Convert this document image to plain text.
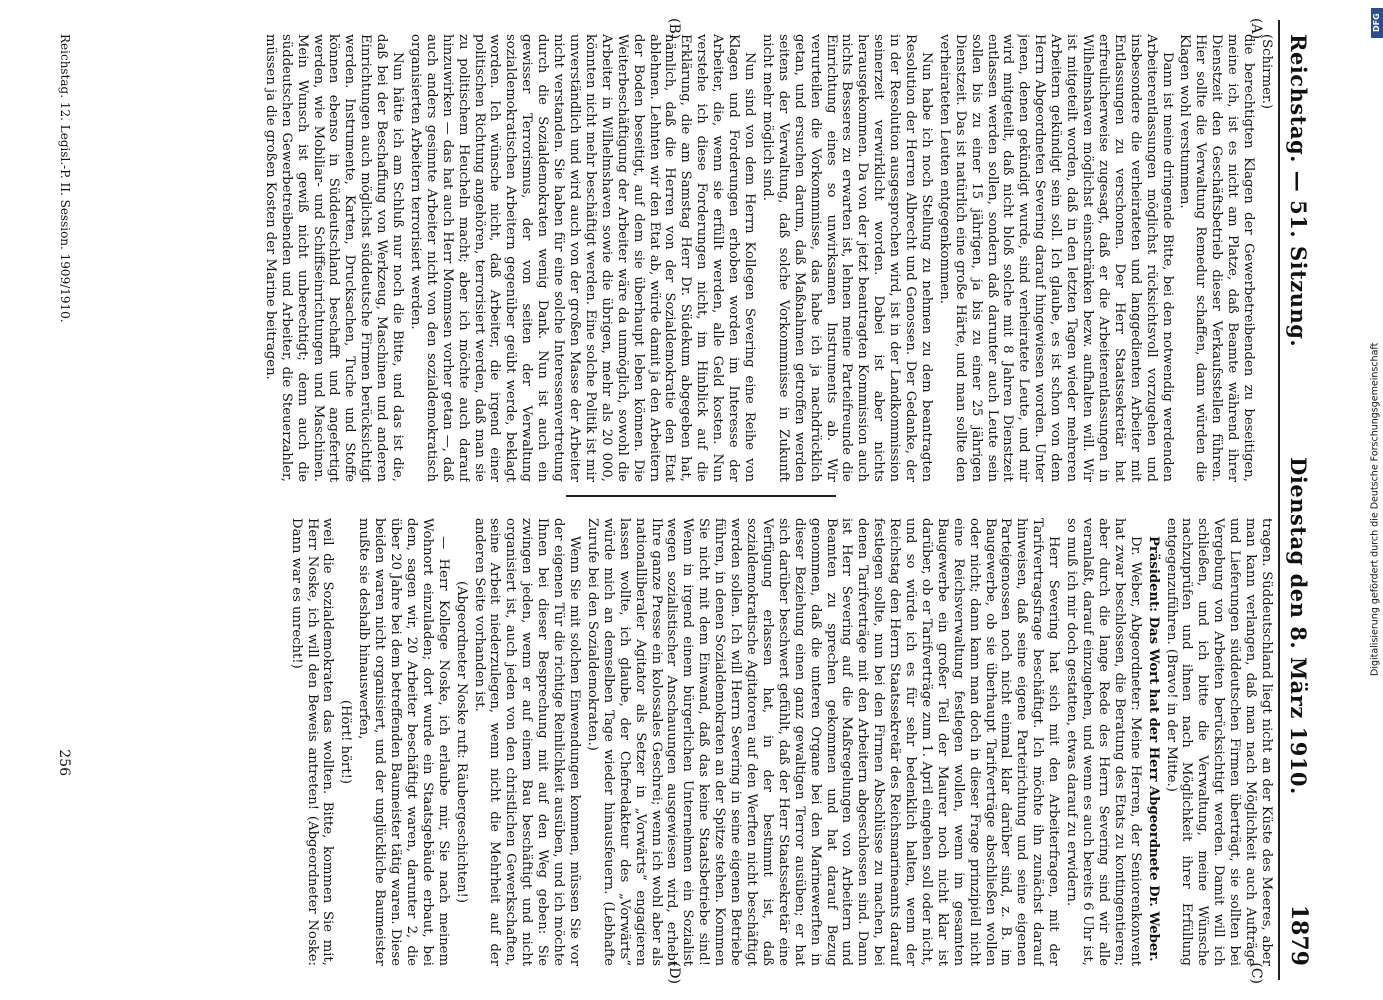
Reichstag. — 51. Sitzung.
Dienstag den 8. März 1910.
1879
(A)
(B)
(C)
(D)

(Schirmer.)

die berechtigten Klagen der Gewerbetreibenden zu beseitigen, meine ich, ist es nicht am Platze, daß Beamte während ihrer Dienstzeit den Geschäftsbetrieb dieser Verkaufsstellen führen. Hier sollte die Verwaltung Remedur schaffen, dann würden die Klagen wohl verstummen.

Dann ist meine dringende Bitte, bei den notwendig werdenden Arbeiterentlassungen möglichst rücksichtsvoll vorzugehen und insbesondere die verheirateten und langgedienten Arbeiter mit Entlassungen zu verschonen. Der Herr Staatssekretär hat erfreulicherweise zugesagt, daß er die Arbeiterentlassungen in Wilhelmshaven möglichst einschränken bezw. aufhalten will. Wir ist mitgeteilt worden, daß in den letzten Tagen wieder mehreren Arbeitern gekündigt sein soll. Ich glaube, es ist schon von dem Herrn Abgeordneten Severing darauf hingewiesen worden. Unter jenen, denen gekündigt wurde, sind verheiratete Leute, und mir wird mitgeteilt, daß nicht bloß solche mit 8 Jahren Dienstzeit entlassen werden sollen, sondern daß darunter auch Leute sein sollen bis zu einer 15 jährigen, ja bis zu einer 25 jährigen Dienstzeit. Das ist natürlich eine große Härte, und man sollte den verheirateten Leuten entgegenkommen.

Nun habe ich noch Stellung zu nehmen zu dem beantragten Resolution der Herren Albrecht und Genossen. Der Gedanke, der in der Resolution ausgesprochen wird, ist in der Landkommission seinerzeit verwirklicht worden. Dabei ist aber nichts herausgekommen. Da von der jetzt beantragten Kommission auch nichts Besseres zu erwarten ist, lehnen meine Parteifreunde die Einrichtung eines so unwirksamen Instruments ab. Wir verurteilen die Vorkommnisse, das habe ich ja nachdrücklich getan, und ersuchen darum, daß Maßnahmen getroffen werden seitens der Verwaltung, daß solche Vorkommnisse in Zukunft nicht mehr möglich sind.

Nun sind von dem Herrn Kollegen Severing eine Reihe von Klagen und Forderungen erhoben worden im Interesse der Arbeiter, die, wenn sie erfüllt werden, alle Geld kosten. Nun verstehe ich diese Forderungen nicht, im Hinblick auf die Erklärung, die am Samstag Herr Dr. Südekum abgegeben hat, nämlich, daß die Herren von der Sozialdemokratie den Etat ablehnen. Lehnten wir den Etat ab, würde damit ja den Arbeitern der Boden beseitigt, auf dem sie überhaupt leben können. Die Weiterbeschäftigung der Arbeiter wäre da unmöglich, sowohl die Arbeiter in Wilhelmshaven sowie die übrigen, mehr als 20 000, könnten nicht mehr beschäftigt werden. Eine solche Politik ist mir unverständlich und wird auch von der großen Masse der Arbeiter nicht verstanden. Sie haben für eine solche Interessenvertretung durch die Sozialdemokraten wenig Dank. Nun ist auch ein gewisser Terrorismus, der von seiten der Verwaltung sozialdemokratischen Arbeitern gegenüber geübt werde, beklagt worden. Ich wünsche nicht, daß Arbeiter, die irgend einer politischen Richtung angehören, terrorisiert werden, daß man sie zu politischem Heucheln macht; aber ich möchte auch darauf hinzuwirken — das hat auch Herr Mommsen vorher getan —, daß auch anders gesinnte Arbeiter nicht von den sozialdemokratisch organisierten Arbeitern terrorisiert werden.

Nun hätte ich am Schluß nur noch die Bitte, und das ist die, daß bei der Beschaffung von Werkzeug, Maschinen und anderen Einrichtungen auch möglichst süddeutsche Firmen berücksichtigt werden. Instrumente, Karten, Drucksachen, Tuche und Stoffe können ebenso in Süddeutschland beschafft und angefertigt werden, wie Mobiliar- und Schiffseinrichtungen und Maschinen. Mein Wunsch ist gewiß nicht unberechtigt; denn auch die süddeutschen Gewerbetreibenden und Arbeiter, die Steuerzahler, müssen ja die großen Kosten der Marine beitragen.

tragen. Süddeutschland liegt nicht an der Küste des Meeres, aber man kann verlangen, daß man nach Möglichkeit auch Aufträge und Lieferungen süddeutschen Firmen überträgt, sie sollten bei Vergebung von Arbeiten berücksichtigt werden. Damit will ich schließen, und ich bitte die Verwaltung, meine Wünsche nachzuprüfen und ihnen nach Möglichkeit ihrer Erfüllung entgegenzuführen. (Bravo! in der Mitte.)

Präsident: Das Wort hat der Herr Abgeordnete Dr. Weber.

Dr. Weber, Abgeordneter: Meine Herren, der Seniorenkonvent hat zwar beschlossen, die Beratung des Etats zu kontingentieren; aber durch die lange Rede des Herrn Severing sind wir alle veranlaßt, darauf einzugehen, und wenn es auch bereits 6 Uhr ist, so muß ich mir doch gestatten, etwas darauf zu erwidern.

Herr Severing hat sich mit den Arbeiterfragen, mit der Tarifvertragsfrage beschäftigt. Ich möchte ihn zunächst darauf hinweisen, daß seine eigene Parteirichtung und seine eigenen Parteigenossen noch nicht einmal klar darüber sind, z. B. im Baugewerbe, ob sie überhaupt Tarifverträge abschließen wollen oder nicht; dann kann man doch in dieser Frage prinzipiell nicht eine Reichsverwaltung festlegen wollen, wenn im gesamten Baugewerbe ein großer Teil der Maurer noch nicht klar ist darüber, ob er Tarifverträge zum 1. April eingehen soll oder nicht, und so würde ich es für sehr bedenklich halten, wenn der Reichstag den Herrn Staatssekretär des Reichsmarineamts darauf festlegen sollte, nun bei den Firmen Abschlüsse zu machen, bei denen Tarifverträge mit den Arbeitern abgeschlossen sind. Dann ist Herr Severing auf die Maßregelungen von Arbeitern und Beamten zu sprechen gekommen und hat darauf Bezug genommen, daß die unteren Organe bei den Marinewerften in dieser Beziehung einen ganz gewaltigen Terror ausüben; er hat sich darüber beschwert gefühlt, daß der Herr Staatssekretär eine Verfügung erlassen hat, in der bestimmt ist, daß sozialdemokratische Agitatoren auf den Werften nicht beschäftigt werden sollen. Ich will Herrn Severing in seine eigenen Betriebe führen, in denen Sozialdemokraten an der Spitze stehen. Kommen Sie nicht mit dem Einwand, daß das keine Staatsbetriebe sind! Wenn in irgend einem bürgerlichen Unternehmen ein Sozialist wegen sozialistischer Anschauungen ausgewiesen wird, erhebt Ihre ganze Presse ein kolossales Geschrei; wenn ich wohl aber als nationalliberaler Agitator als Setzer in „Vorwärts“ engagieren lassen wollte, ich glaube, der Chefredakteur des „Vorwärts“ würde mich an demselben Tage wieder hinausfeuern. (Lebhafte Zurufe bei den Sozialdemokraten.)

Wenn Sie mit solchen Einwendungen kommen, müssen Sie vor der eigenen Tür die richtige Reinlichkeit ausüben, und ich möchte Ihnen bei dieser Besprechung mit auf den Weg geben: Sie zwingen jeden, wenn er auf einem Bau beschäftigt und nicht organisiert ist, auch jeden von den christlichen Gewerkschaften, seine Arbeit niederzulegen, wenn nicht die Mehrheit auf der anderen Seite vorhanden ist.

(Abgeordneter Noske ruft: Räubergeschichten!)

— Herr Kollege Noske, ich erlaube mir, Sie nach meinem Wohnort einzuladen; dort wurde ein Staatsgebäude erbaut, bei dem, sagen wir, 20 Arbeiter beschäftigt waren, darunter 2, die über 20 Jahre bei dem betreffenden Baumeister tätig waren. Diese beiden waren nicht organisiert, und der unglückliche Baumeister mußte sie deshalb hinauswerfen,

(Hört! hört!)

weil die Sozialdemokraten das wollten. Bitte, kommen Sie mit, Herr Noske, ich will den Beweis antreten! (Abgeordneter Noske: Dann war es unrecht!)

Reichstag. 12. Legisl.-P. II. Session. 1909/1910.
256
DFG
Digitalisierung gefördert durch die Deutsche Forschungsgemeinschaft
